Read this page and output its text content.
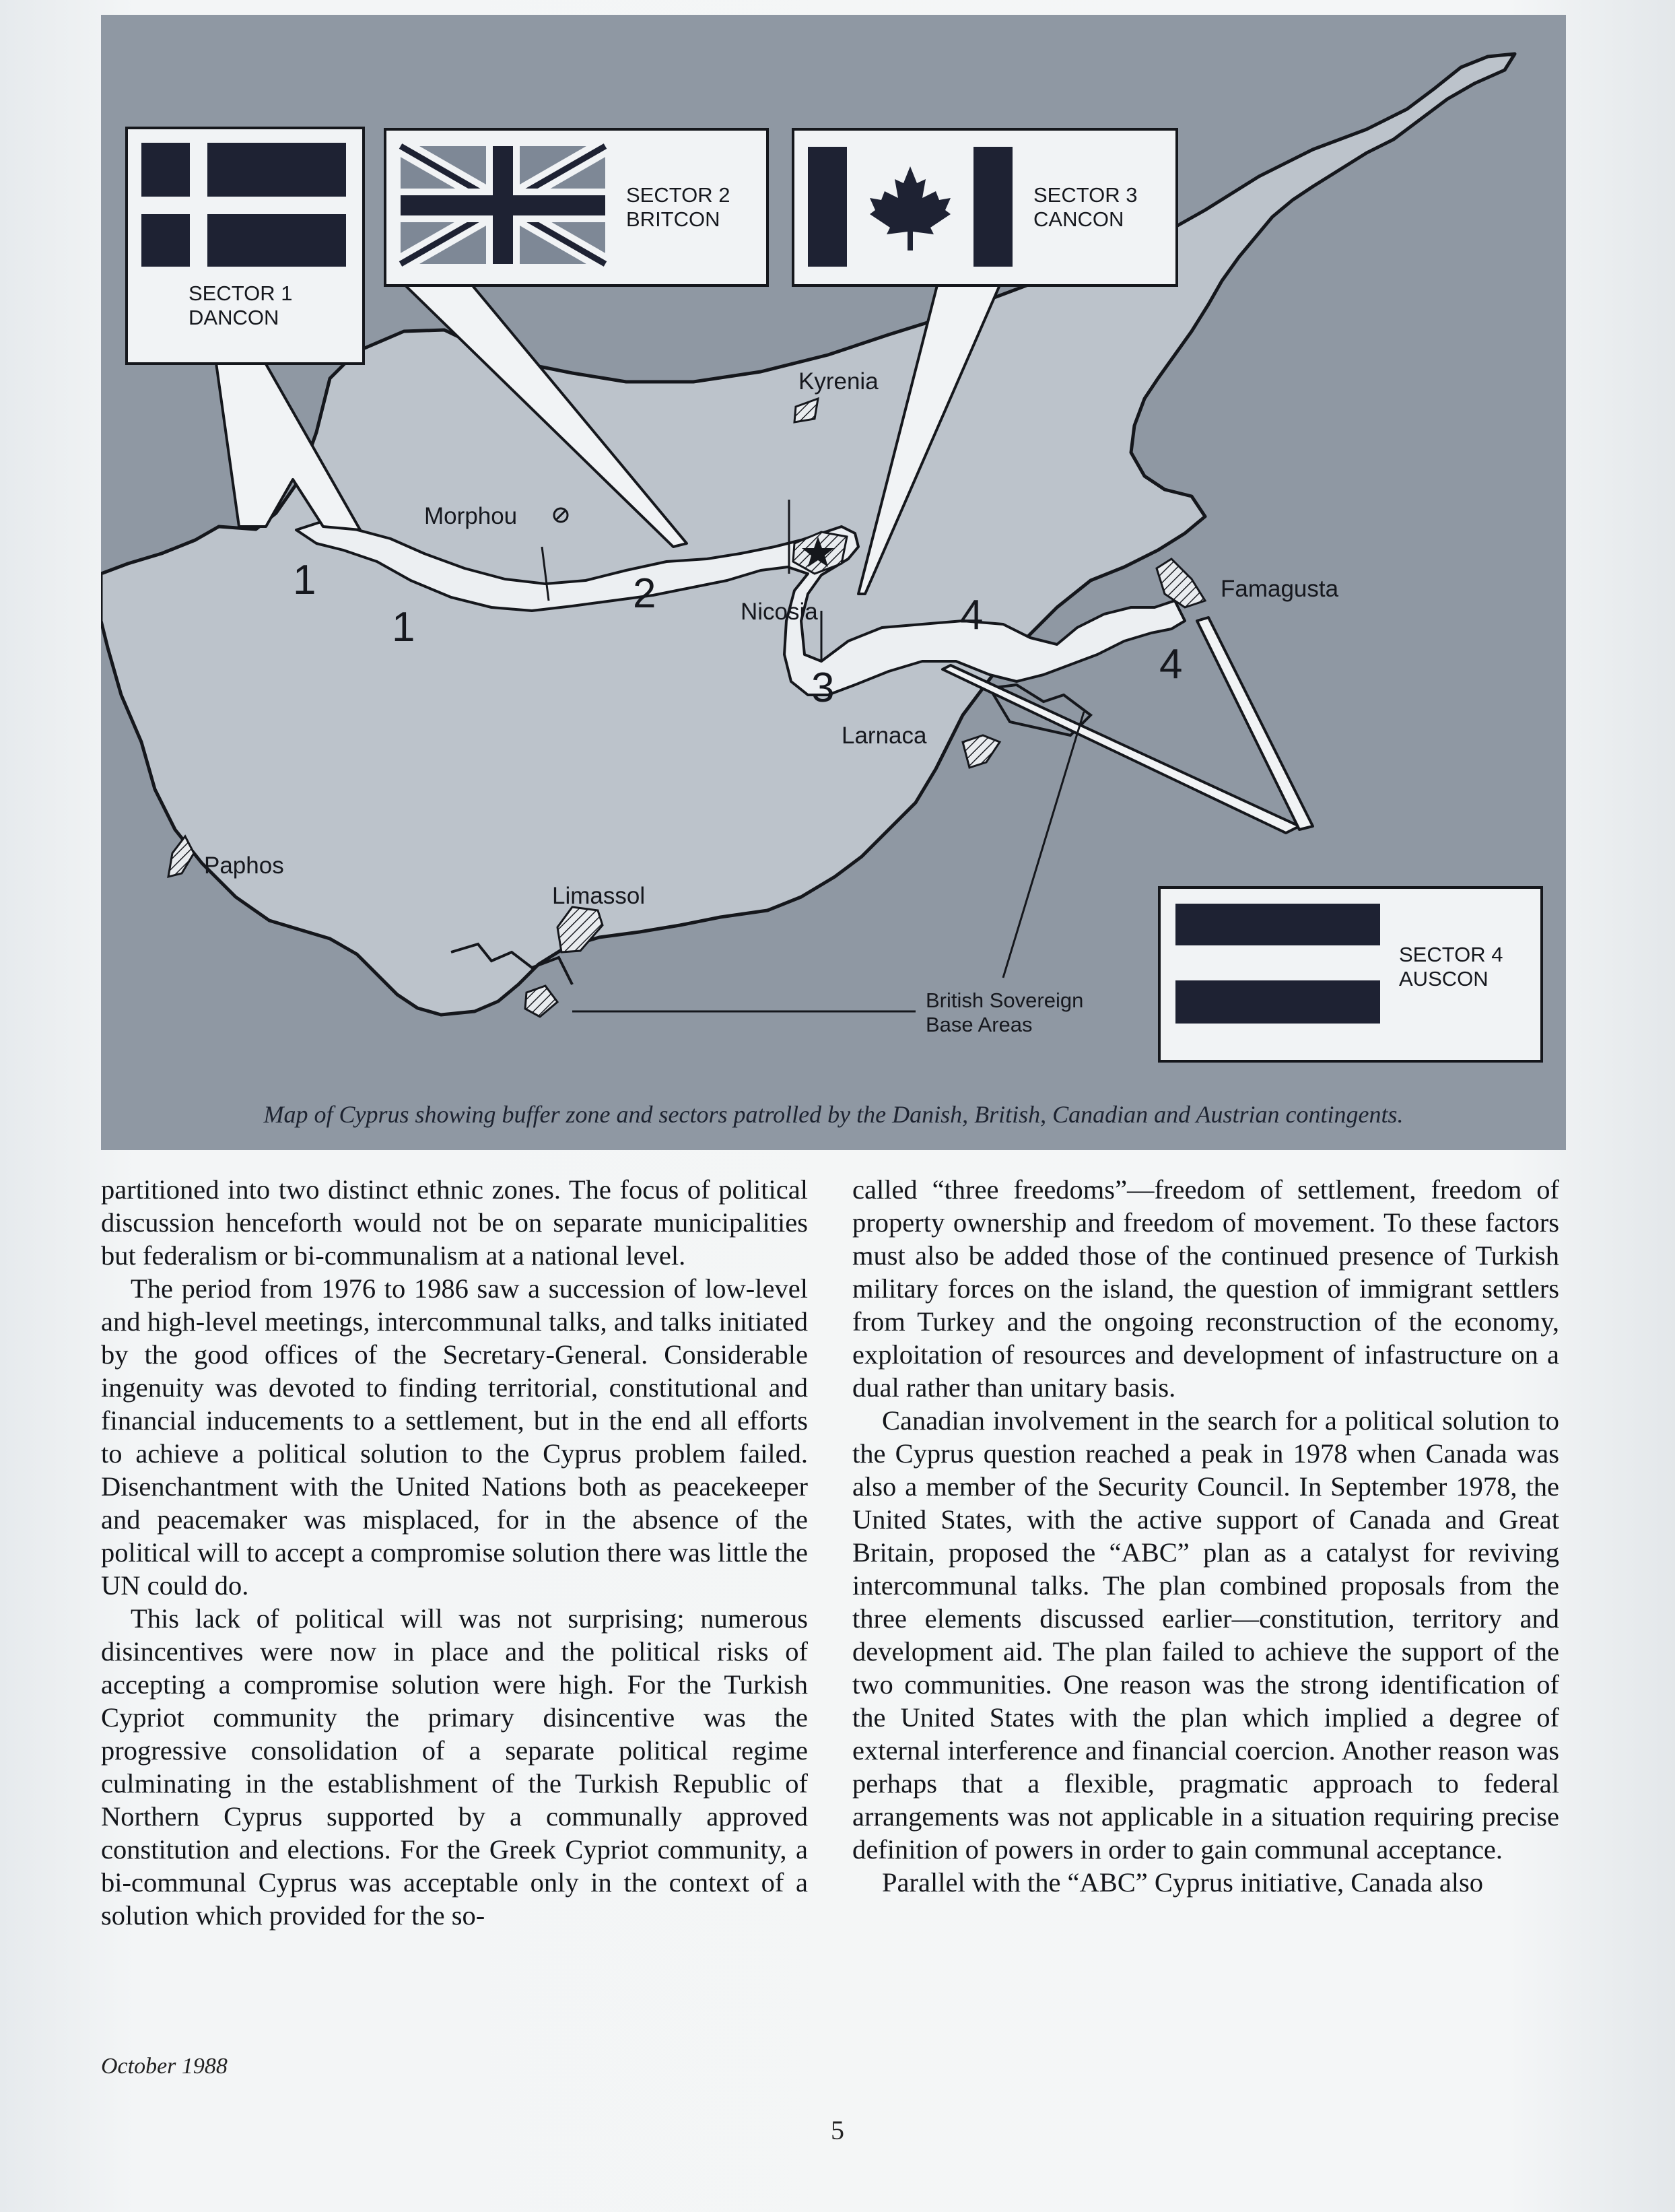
SECTOR 1
DANCON
SECTOR 2
BRITCON
SECTOR 3
CANCON
SECTOR 4
AUSCON
Kyrenia
Morphou
Nicosia
Famagusta
Larnaca
Paphos
Limassol
1
1
2
3
4
4
British Sovereign
Base Areas
Map of Cyprus showing buffer zone and sectors patrolled by the Danish, British, Canadian and Austrian contingents.

partitioned into two distinct ethnic zones. The focus of political discussion henceforth would not be on separate municipalities but federalism or bi-communalism at a national level.

The period from 1976 to 1986 saw a succession of low-level and high-level meetings, intercommunal talks, and talks initiated by the good offices of the Secretary-General. Considerable ingenuity was devoted to finding territorial, constitutional and financial inducements to a settlement, but in the end all efforts to achieve a political solution to the Cyprus problem failed. Disenchantment with the United Nations both as peacekeeper and peacemaker was misplaced, for in the absence of the political will to accept a compromise solution there was little the UN could do.

This lack of political will was not surprising; numerous disincentives were now in place and the political risks of accepting a compromise solution were high. For the Turkish Cypriot community the primary disincentive was the progressive consolidation of a separate political regime culminating in the establishment of the Turkish Republic of Northern Cyprus supported by a communally approved constitution and elections. For the Greek Cypriot community, a bi-communal Cyprus was acceptable only in the context of a solution which provided for the so-

called “three freedoms”—freedom of settlement, freedom of property ownership and freedom of movement. To these factors must also be added those of the continued presence of Turkish military forces on the island, the question of immigrant settlers from Turkey and the ongoing reconstruction of the economy, exploitation of resources and development of infastructure on a dual rather than unitary basis.

Canadian involvement in the search for a political solution to the Cyprus question reached a peak in 1978 when Canada was also a member of the Security Council. In September 1978, the United States, with the active support of Canada and Great Britain, proposed the “ABC” plan as a catalyst for reviving intercommunal talks. The plan combined proposals from the three elements discussed earlier—constitution, territory and development aid. The plan failed to achieve the support of the two communities. One reason was the strong identification of the United States with the plan which implied a degree of external interference and financial coercion. Another reason was perhaps that a flexible, pragmatic approach to federal arrangements was not applicable in a situation requiring precise definition of powers in order to gain communal acceptance.

Parallel with the “ABC” Cyprus initiative, Canada also

October 1988
5
